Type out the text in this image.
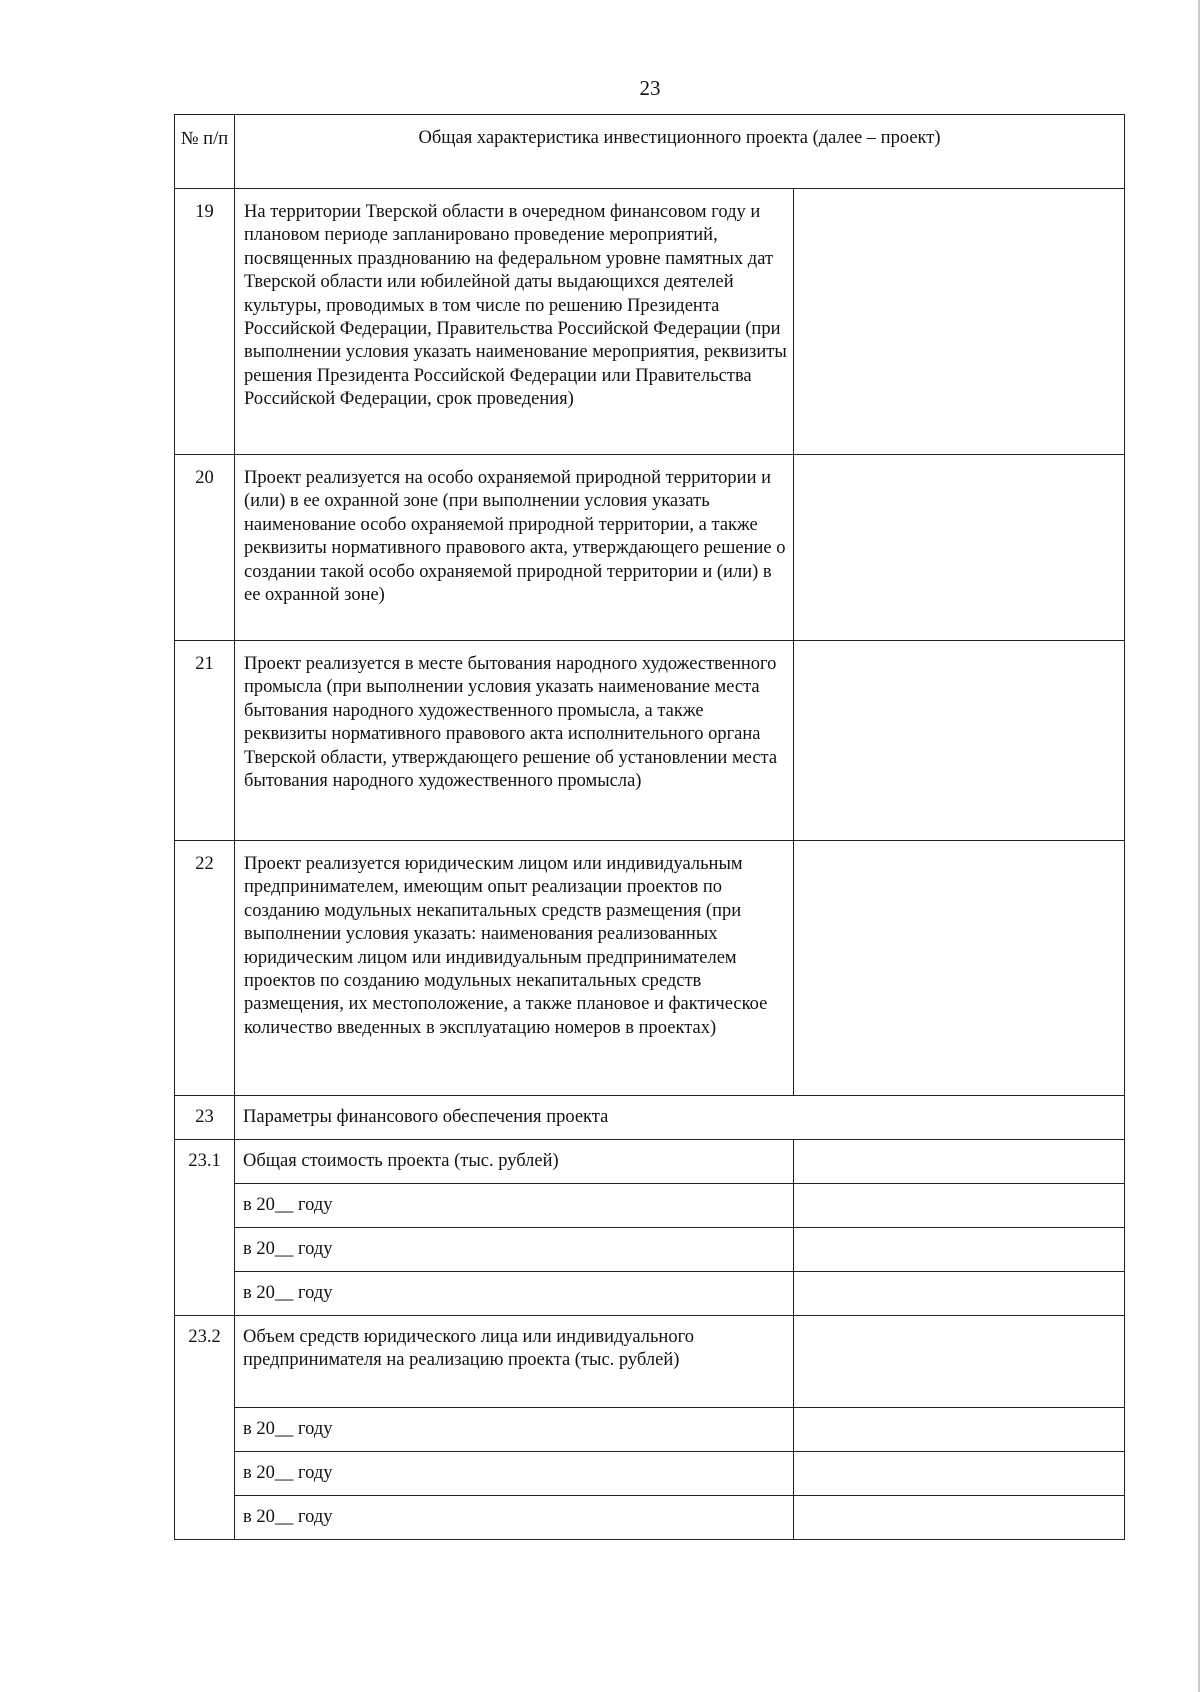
23
№ п/п	Общая характеристика инвестиционного проекта (далее – проект)	
19	На территории Тверской области в очередном финансовом году и плановом периоде запланировано проведение мероприятий, посвященных празднованию на федеральном уровне памятных дат Тверской области или юбилейной даты выдающихся деятелей культуры, проводимых в том числе по решению Президента Российской Федерации, Правительства Российской Федерации (при выполнении условия указать наименование мероприятия, реквизиты решения Президента Российской Федерации или Правительства Российской Федерации, срок проведения)	
20	Проект реализуется на особо охраняемой природной территории и (или) в ее охранной зоне (при выполнении условия указать наименование особо охраняемой природной территории, а также реквизиты нормативного правового акта, утверждающего решение о создании такой особо охраняемой природной территории и (или) в ее охранной зоне)	
21	Проект реализуется в месте бытования народного художественного промысла (при выполнении условия указать наименование места бытования народного художественного промысла, а также реквизиты нормативного правового акта исполнительного органа Тверской области, утверждающего решение об установлении места бытования народного художественного промысла)	
22	Проект реализуется юридическим лицом или индивидуальным предпринимателем, имеющим опыт реализации проектов по созданию модульных некапитальных средств размещения (при выполнении условия указать: наименования реализованных юридическим лицом или индивидуальным предпринимателем проектов по созданию модульных некапитальных средств размещения, их местоположение, а также плановое и фактическое количество введенных в эксплуатацию номеров в проектах)	
23	Параметры финансового обеспечения проекта	
23.1	Общая стоимость проекта (тыс. рублей)	
	в 20__ году	
	в 20__ году	
	в 20__ году	
23.2	Объем средств юридического лица или индивидуального предпринимателя на реализацию проекта (тыс. рублей)	
	в 20__ году	
	в 20__ году	
	в 20__ году	
